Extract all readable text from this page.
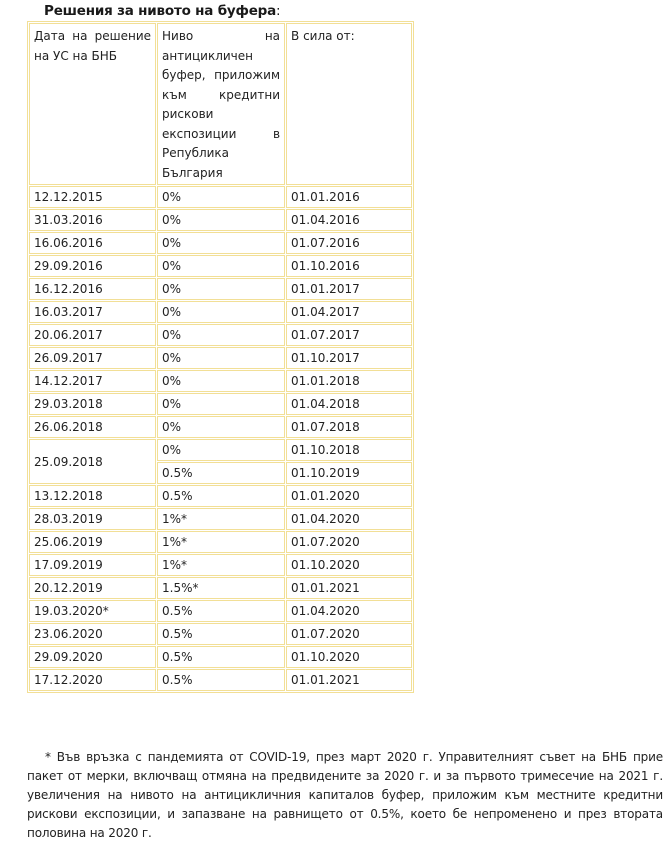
Решения за нивото на буфера:
Дата на решение на УС на БНБ	Ниво на антицикличен буфер, приложим към кредитни рискови експозиции в Република България	В сила от:
12.12.2015	0%	01.01.2016
31.03.2016	0%	01.04.2016
16.06.2016	0%	01.07.2016
29.09.2016	0%	01.10.2016
16.12.2016	0%	01.01.2017
16.03.2017	0%	01.04.2017
20.06.2017	0%	01.07.2017
26.09.2017	0%	01.10.2017
14.12.2017	0%	01.01.2018
29.03.2018	0%	01.04.2018
26.06.2018	0%	01.07.2018
25.09.2018	0%	01.10.2018
	0.5%	01.10.2019
13.12.2018	0.5%	01.01.2020
28.03.2019	1%*	01.04.2020
25.06.2019	1%*	01.07.2020
17.09.2019	1%*	01.10.2020
20.12.2019	1.5%*	01.01.2021
19.03.2020*	0.5%	01.04.2020
23.06.2020	0.5%	01.07.2020
29.09.2020	0.5%	01.10.2020
17.12.2020	0.5%	01.01.2021

* Във връзка с пандемията от COVID-19, през март 2020 г. Управителният съвет на БНБ прие пакет от мерки, включващ отмяна на предвидените за 2020 г. и за първото тримесечие на 2021 г. увеличения на нивото на антицикличния капиталов буфер, приложим към местните кредитни рискови експозиции, и запазване на равнището от 0.5%, което бе непроменено и през втората половина на 2020 г.
